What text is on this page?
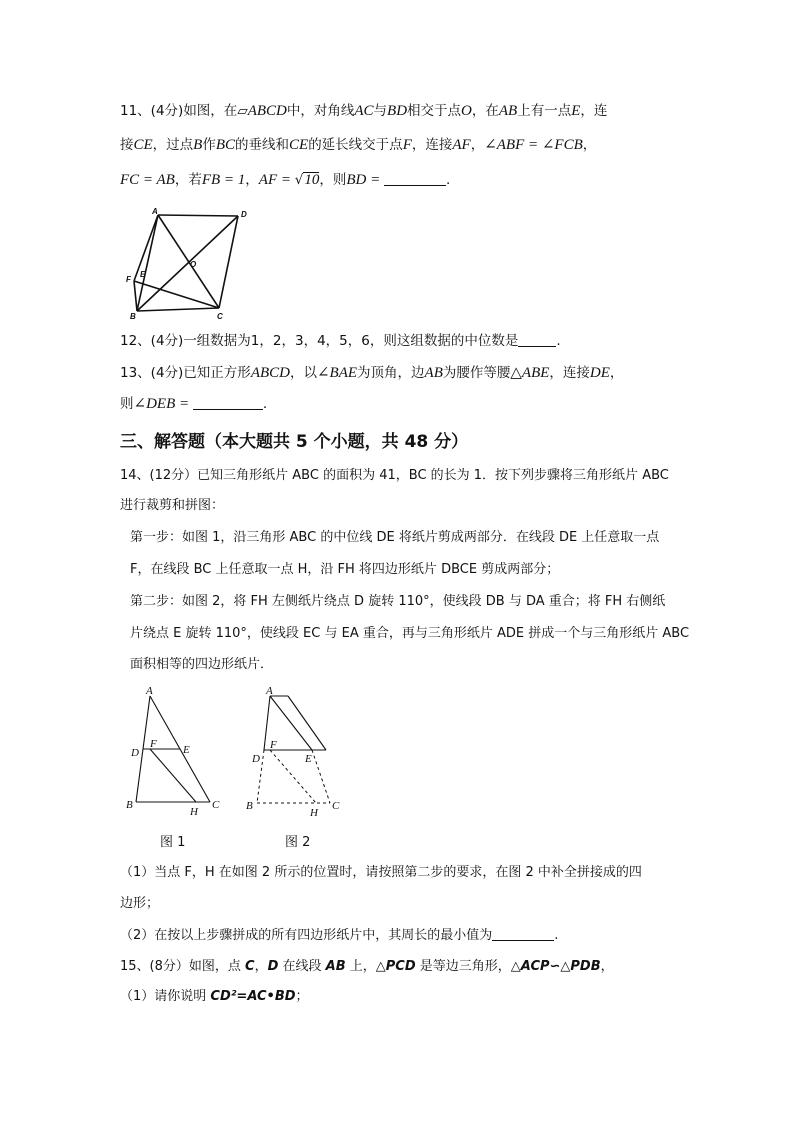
11、(4分)如图，在▱ABCD中，对角线AC与BD相交于点O，在AB上有一点E，连
接CE，过点B作BC的垂线和CE的延长线交于点F，连接AF，∠ABF = ∠FCB，
FC = AB，若FB = 1，AF = √10，则BD =	.
A	D
F
E
O
B	C
12、(4分)一组数据为1，2，3，4，5，6，则这组数据的中位数是	.
13、(4分)已知正方形ABCD，以∠BAE为顶角，边AB为腰作等腰△ABE，连接DE，
则∠DEB =	.
三、解答题（本大题共 5 个小题，共 48 分）
14、(12分）已知三角形纸片 ABC 的面积为 41，BC 的长为 1．按下列步骤将三角形纸片 ABC
进行裁剪和拼图：
第一步：如图 1，沿三角形 ABC 的中位线 DE 将纸片剪成两部分．在线段 DE 上任意取一点
F，在线段 BC 上任意取一点 H，沿 FH 将四边形纸片 DBCE 剪成两部分；
第二步：如图 2，将 FH 左侧纸片绕点 D 旋转 110°，使线段 DB 与 DA 重合；将 FH 右侧纸
片绕点 E 旋转 110°，使线段 EC 与 EA 重合，再与三角形纸片 ADE 拼成一个与三角形纸片 ABC
面积相等的四边形纸片．
A
D
F E
B
H
C
A
F
D	E
B
H
C
图 1	图 2
（1）当点 F，H 在如图 2 所示的位置时，请按照第二步的要求，在图 2 中补全拼接成的四
边形；
（2）在按以上步骤拼成的所有四边形纸片中，其周长的最小值为	.
15、(8分）如图，点 C，D 在线段 AB 上，△PCD 是等边三角形，△ACP∽△PDB，
（1）请你说明 CD²=AC•BD；
